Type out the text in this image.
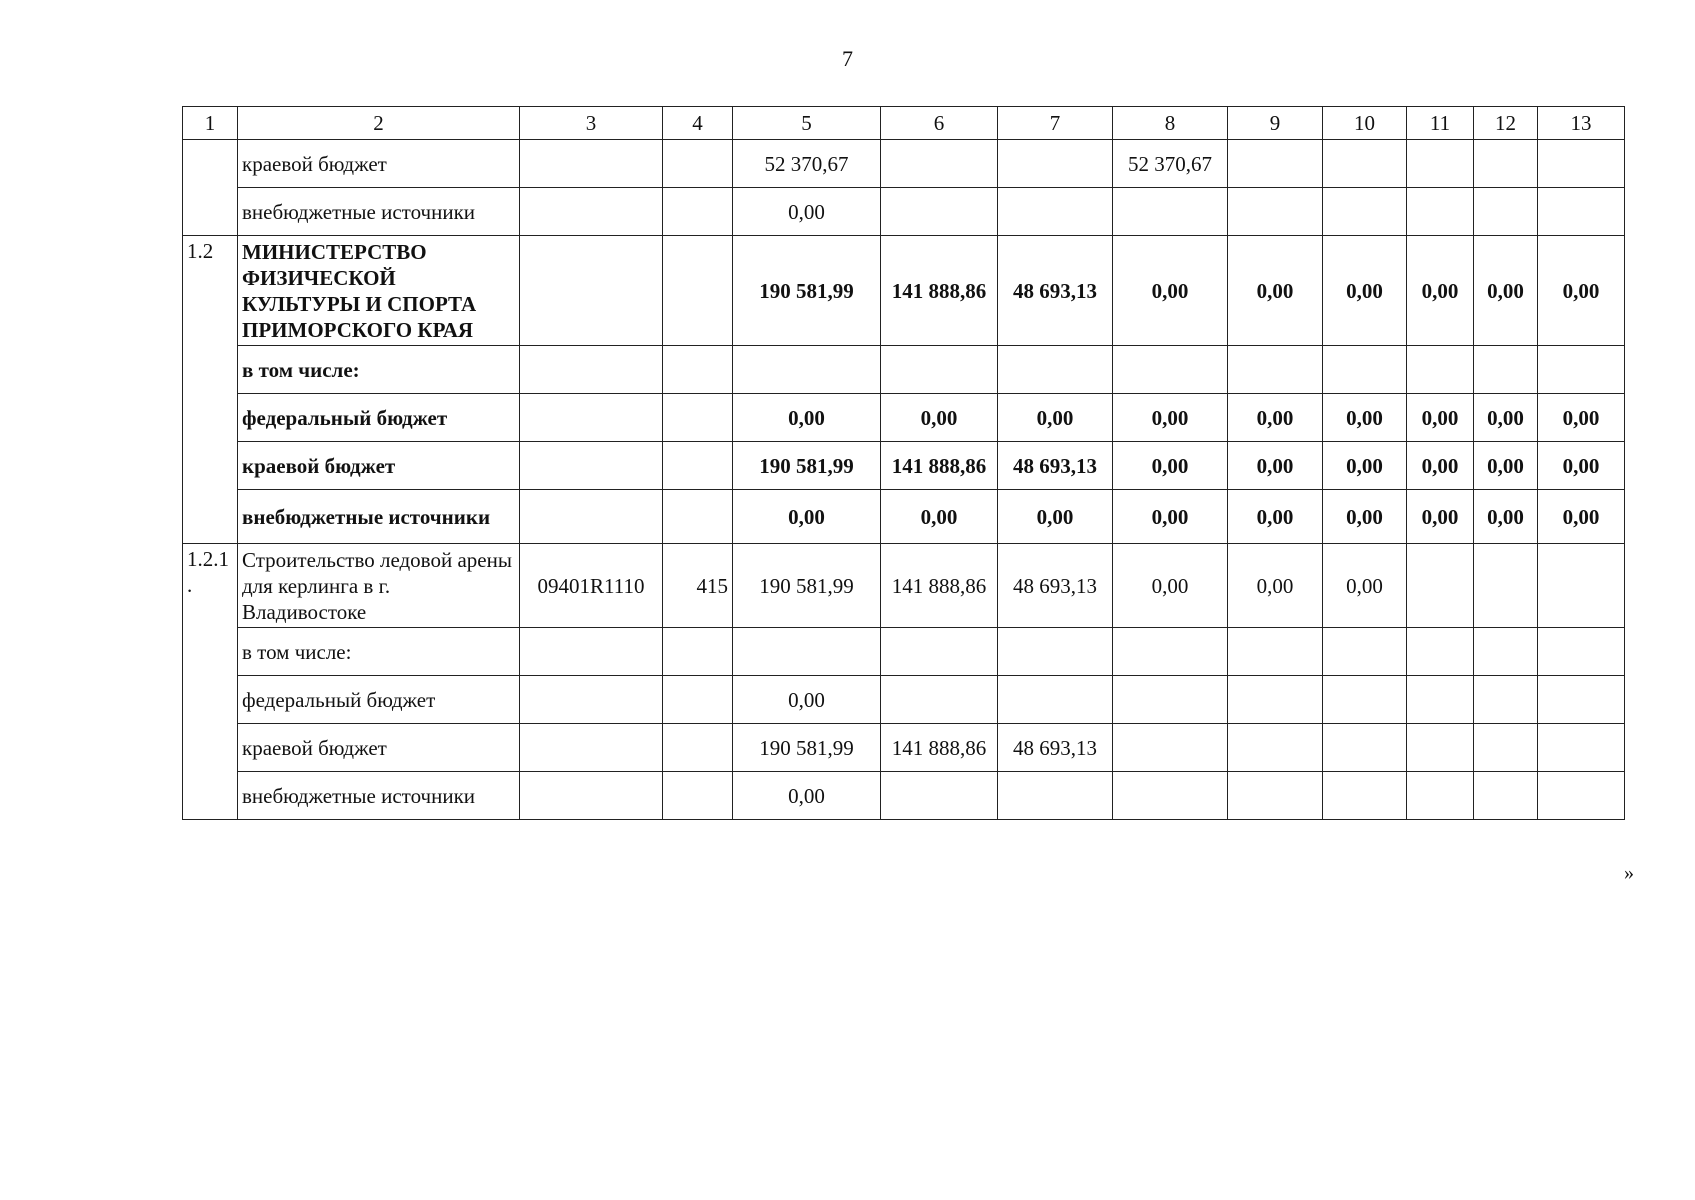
7
1	2	3	4	5	6	7	8	9	10	11	12	13
	краевой бюджет			52 370,67			52 370,67					
	внебюджетные источники			0,00								
1.2	МИНИСТЕРСТВО ФИЗИЧЕСКОЙ КУЛЬТУРЫ И СПОРТА ПРИМОРСКОГО КРАЯ			190 581,99	141 888,86	48 693,13	0,00	0,00	0,00	0,00	0,00	0,00
	в том числе:											
	федеральный бюджет			0,00	0,00	0,00	0,00	0,00	0,00	0,00	0,00	0,00
	краевой бюджет			190 581,99	141 888,86	48 693,13	0,00	0,00	0,00	0,00	0,00	0,00
	внебюджетные источники			0,00	0,00	0,00	0,00	0,00	0,00	0,00	0,00	0,00
1.2.1 .	Строительство ледовой арены для керлинга в г. Владивостоке	09401R1110	415	190 581,99	141 888,86	48 693,13	0,00	0,00	0,00			
	в том числе:											
	федеральный бюджет			0,00								
	краевой бюджет			190 581,99	141 888,86	48 693,13						
	внебюджетные источники			0,00								
»
